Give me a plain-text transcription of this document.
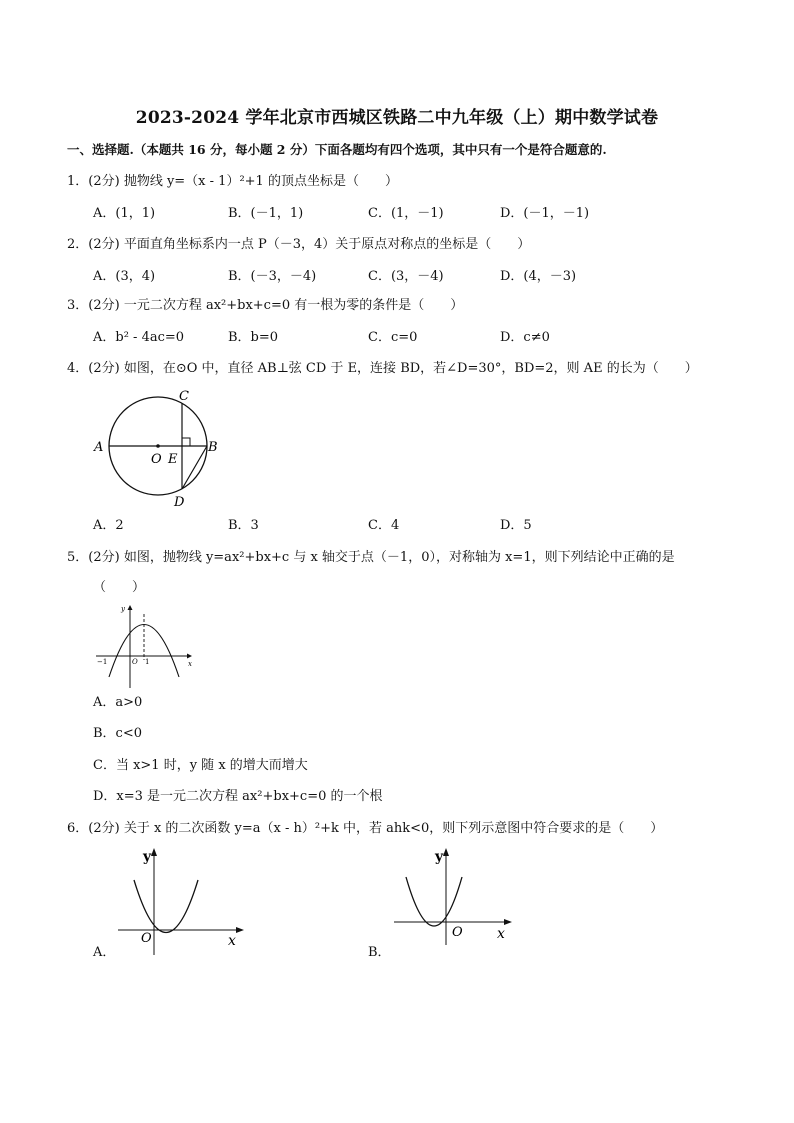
2023-2024 学年北京市西城区铁路二中九年级（上）期中数学试卷
一、选择题.（本题共 16 分，每小题 2 分）下面各题均有四个选项，其中只有一个是符合题意的.
1．(2分) 抛物线 y=（x - 1）²+1 的顶点坐标是（　　）
A．(1，1)	B．(－1，1)	C．(1，－1)	D．(－1，－1)
2．(2分) 平面直角坐标系内一点 P（－3，4）关于原点对称点的坐标是（　　）
A．(3，4)	B．(－3，－4)	C．(3，－4)	D．(4，－3)
3．(2分) 一元二次方程 ax²+bx+c=0 有一根为零的条件是（　　）
A．b² - 4ac=0	B．b=0	C．c=0	D．c≠0
4．(2分) 如图，在⊙O 中，直径 AB⊥弦 CD 于 E，连接 BD，若∠D=30°，BD=2，则 AE 的长为（　　）
A	B
C
D
O E
A．2	B．3	C．4	D．5
5．(2分) 如图，抛物线 y=ax²+bx+c 与 x 轴交于点（－1，0），对称轴为 x=1，则下列结论中正确的是
（　　）
y
x
−1	O 1
A．a>0
B．c<0
C．当 x>1 时，y 随 x 的增大而增大
D．x=3 是一元二次方程 ax²+bx+c=0 的一个根
6．(2分) 关于 x 的二次函数 y=a（x - h）²+k 中，若 ahk<0，则下列示意图中符合要求的是（　　）
y
x
O
A．
y
x
O
B．
